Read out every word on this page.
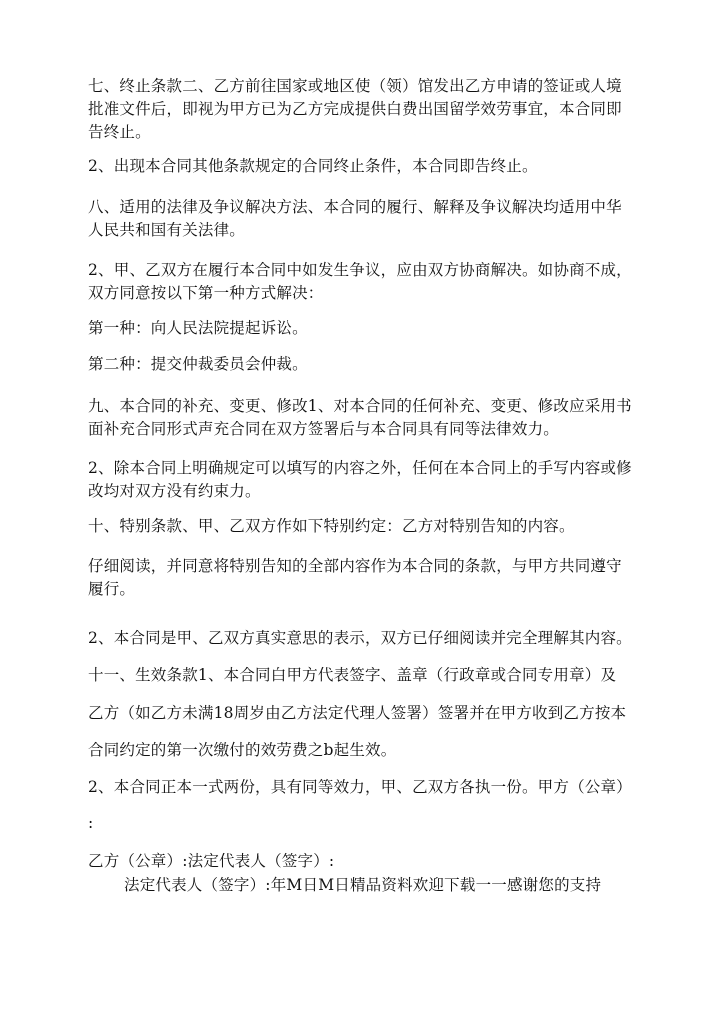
七、终止条款二、乙方前往国家或地区使（领）馆发出乙方申请的签证或人境
批准文件后，即视为甲方已为乙方完成提供白费出国留学效劳事宜，本合同即
告终止。
2、出现本合同其他条款规定的合同终止条件，本合同即告终止。
八、适用的法律及争议解决方法、本合同的履行、解释及争议解决均适用中华
人民共和国有关法律。
2、甲、乙双方在履行本合同中如发生争议，应由双方协商解决。如协商不成，
双方同意按以下第一种方式解决：
第一种：向人民法院提起诉讼。
第二种：提交仲裁委员会仲裁。
九、本合同的补充、变更、修改1、对本合同的任何补充、变更、修改应采用书
面补充合同形式声充合同在双方签署后与本合同具有同等法律效力。
2、除本合同上明确规定可以填写的内容之外，任何在本合同上的手写内容或修
改均对双方没有约束力。
十、特别条款、甲、乙双方作如下特别约定：乙方对特别告知的内容。
仔细阅读，并同意将特别告知的全部内容作为本合同的条款，与甲方共同遵守
履行。
2、本合同是甲、乙双方真实意思的表示，双方已仔细阅读并完全理解其内容。
十一、生效条款1、本合同白甲方代表签字、盖章（行政章或合同专用章）及
乙方（如乙方未满18周岁由乙方法定代理人签署）签署并在甲方收到乙方按本
合同约定的第一次缴付的效劳费之b起生效。
2、本合同正本一式两份，具有同等效力，甲、乙双方各执一份。甲方（公章）
:
乙方（公章）:法定代表人（签字）:
法定代表人（签字）:年M日M日精品资料欢迎下载一一感谢您的支持
